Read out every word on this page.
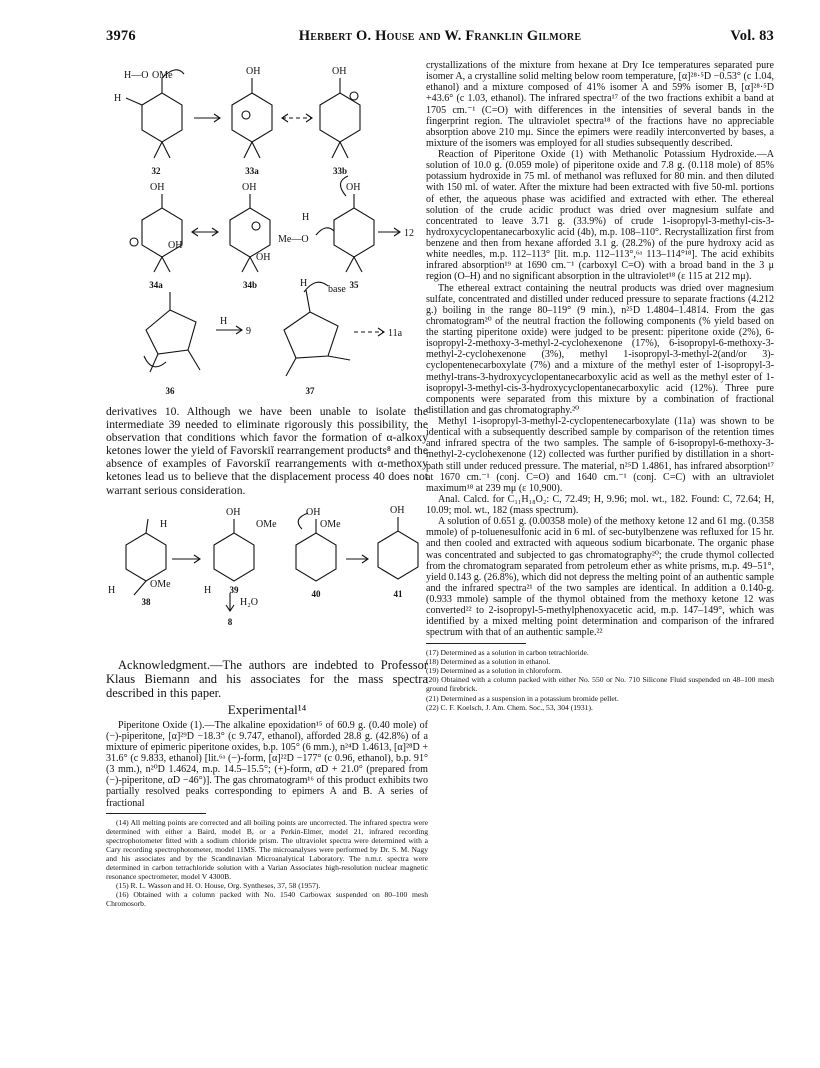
3976	Herbert O. House and W. Franklin Gilmore	Vol. 83
H—O OMe
H
OH	OH
OH	OH	OH
OH
OH
H
Me—O
H
base
H
9	11a
12
32	33a	33b
34a	34b	35
36	37

derivatives 10. Although we have been unable to isolate the intermediate 39 needed to eliminate rigorously this possibility, the observation that conditions which favor the formation of α-alkoxy ketones lower the yield of Favorskiĭ rearrangement products⁸ and the absence of examples of Favorskiĭ rearrangements with α-methoxy ketones lead us to believe that the displacement process 40 does not warrant serious consideration.

H
OMe
H
OH
OMe
H
OH
OMe
OH
H₂O
38
39	40	41
8

Acknowledgment.—The authors are indebted to Professor Klaus Biemann and his associates for the mass spectra described in this paper.

Experimental¹⁴

Piperitone Oxide (1).—The alkaline epoxidation¹⁵ of 60.9 g. (0.40 mole) of (−)-piperitone, [α]²⁹D −18.3° (c 9.747, ethanol), afforded 28.8 g. (42.8%) of a mixture of epimeric piperitone oxides, b.p. 105° (6 mm.), n²⁴D 1.4613, [α]²⁸D + 31.6° (c 9.833, ethanol) [lit.⁶ᵃ (−)-form, [α]²²D −177° (c 0.96, ethanol), b.p. 91° (3 mm.), n²⁰D 1.4624, m.p. 14.5–15.5°; (+)-form, αD + 21.0° (prepared from (−)-piperitone, αD −46°)]. The gas chromatogram¹⁶ of this product exhibits two partially resolved peaks corresponding to epimers A and B. A series of fractional

(14) All melting points are corrected and all boiling points are uncorrected. The infrared spectra were determined with either a Baird, model B, or a Perkin-Elmer, model 21, infrared recording spectrophotometer fitted with a sodium chloride prism. The ultraviolet spectra were determined with a Cary recording spectrophotometer, model 11MS. The microanalyses were performed by Dr. S. M. Nagy and his associates and by the Scandinavian Microanalytical Laboratory. The n.m.r. spectra were determined in carbon tetrachloride solution with a Varian Associates high-resolution nuclear magnetic resonance spectrometer, model V 4300B.

(15) R. L. Wasson and H. O. House, Org. Syntheses, 37, 58 (1957).

(16) Obtained with a column packed with No. 1540 Carbowax suspended on 80–100 mesh Chromosorb.

crystallizations of the mixture from hexane at Dry Ice temperatures separated pure isomer A, a crystalline solid melting below room temperature, [α]²⁸·⁵D −0.53° (c 1.04, ethanol) and a mixture composed of 41% isomer A and 59% isomer B, [α]²⁸·⁵D +43.6° (c 1.03, ethanol). The infrared spectra¹⁷ of the two fractions exhibit a band at 1705 cm.⁻¹ (C=O) with differences in the intensities of several bands in the fingerprint region. The ultraviolet spectra¹⁸ of the fractions have no appreciable absorption above 210 mμ. Since the epimers were readily interconverted by bases, a mixture of the isomers was employed for all studies subsequently described.

Reaction of Piperitone Oxide (1) with Methanolic Potassium Hydroxide.—A solution of 10.0 g. (0.059 mole) of piperitone oxide and 7.8 g. (0.118 mole) of 85% potassium hydroxide in 75 ml. of methanol was refluxed for 80 min. and then diluted with 150 ml. of water. After the mixture had been extracted with five 50-ml. portions of ether, the aqueous phase was acidified and extracted with ether. The ethereal solution of the crude acidic product was dried over magnesium sulfate and concentrated to leave 3.71 g. (33.9%) of crude 1-isopropyl-3-methyl-cis-3-hydroxycyclopentanecarboxylic acid (4b), m.p. 108–110°. Recrystallization first from benzene and then from hexane afforded 3.1 g. (28.2%) of the pure hydroxy acid as white needles, m.p. 112–113° [lit. m.p. 112–113°,⁶ᵃ 113–114°¹⁸]. The acid exhibits infrared absorption¹⁹ at 1690 cm.⁻¹ (carboxyl C=O) with a broad band in the 3 μ region (O–H) and no significant absorption in the ultraviolet¹⁸ (ε 115 at 212 mμ).

The ethereal extract containing the neutral products was dried over magnesium sulfate, concentrated and distilled under reduced pressure to separate fractions (4.212 g.) boiling in the range 80–119° (9 min.), n²⁵D 1.4804–1.4814. From the gas chromatogram²⁰ of the neutral fraction the following components (% yield based on the starting piperitone oxide) were judged to be present: piperitone oxide (2%), 6-isopropyl-2-methoxy-3-methyl-2-cyclohexenone (17%), 6-isopropyl-6-methoxy-3-methyl-2-cyclohexenone (3%), methyl 1-isopropyl-3-methyl-2(and/or 3)-cyclopentenecarboxylate (7%) and a mixture of the methyl ester of 1-isopropyl-3-methyl-trans-3-hydroxycyclopentanecarboxylic acid as well as the methyl ester of 1-isopropyl-3-methyl-cis-3-hydroxycyclopentanecarboxylic acid (12%). Three pure components were separated from this mixture by a combination of fractional distillation and gas chromatography.²⁰

Methyl 1-isopropyl-3-methyl-2-cyclopentenecarboxylate (11a) was shown to be identical with a subsequently described sample by comparison of the retention times and infrared spectra of the two samples. The sample of 6-isopropyl-6-methoxy-3-methyl-2-cyclohexenone (12) collected was further purified by distillation in a short-path still under reduced pressure. The material, n²⁵D 1.4861, has infrared absorption¹⁷ at 1670 cm.⁻¹ (conj. C=O) and 1640 cm.⁻¹ (conj. C=C) with an ultraviolet maximum¹⁸ at 239 mμ (ε 10,900).

Anal. Calcd. for C₁₁H₁₈O₂: C, 72.49; H, 9.96; mol. wt., 182. Found: C, 72.64; H, 10.09; mol. wt., 182 (mass spectrum).

A solution of 0.651 g. (0.00358 mole) of the methoxy ketone 12 and 61 mg. (0.358 mmole) of p-toluenesulfonic acid in 6 ml. of sec-butylbenzene was refluxed for 15 hr. and then cooled and extracted with aqueous sodium bicarbonate. The organic phase was concentrated and subjected to gas chromatography²⁰; the crude thymol collected from the chromatogram separated from petroleum ether as white prisms, m.p. 49–51°, yield 0.143 g. (26.8%), which did not depress the melting point of an authentic sample and the infrared spectra²¹ of the two samples are identical. In addition a 0.140-g. (0.933 mmole) sample of the thymol obtained from the methoxy ketone 12 was converted²² to 2-isopropyl-5-methylphenoxyacetic acid, m.p. 147–149°, which was identified by a mixed melting point determination and comparison of the infrared spectrum with that of an authentic sample.²²

(17) Determined as a solution in carbon tetrachloride.

(18) Determined as a solution in ethanol.

(19) Determined as a solution in chloroform.

(20) Obtained with a column packed with either No. 550 or No. 710 Silicone Fluid suspended on 48–100 mesh ground firebrick.

(21) Determined as a suspension in a potassium bromide pellet.

(22) C. F. Koelsch, J. Am. Chem. Soc., 53, 304 (1931).
